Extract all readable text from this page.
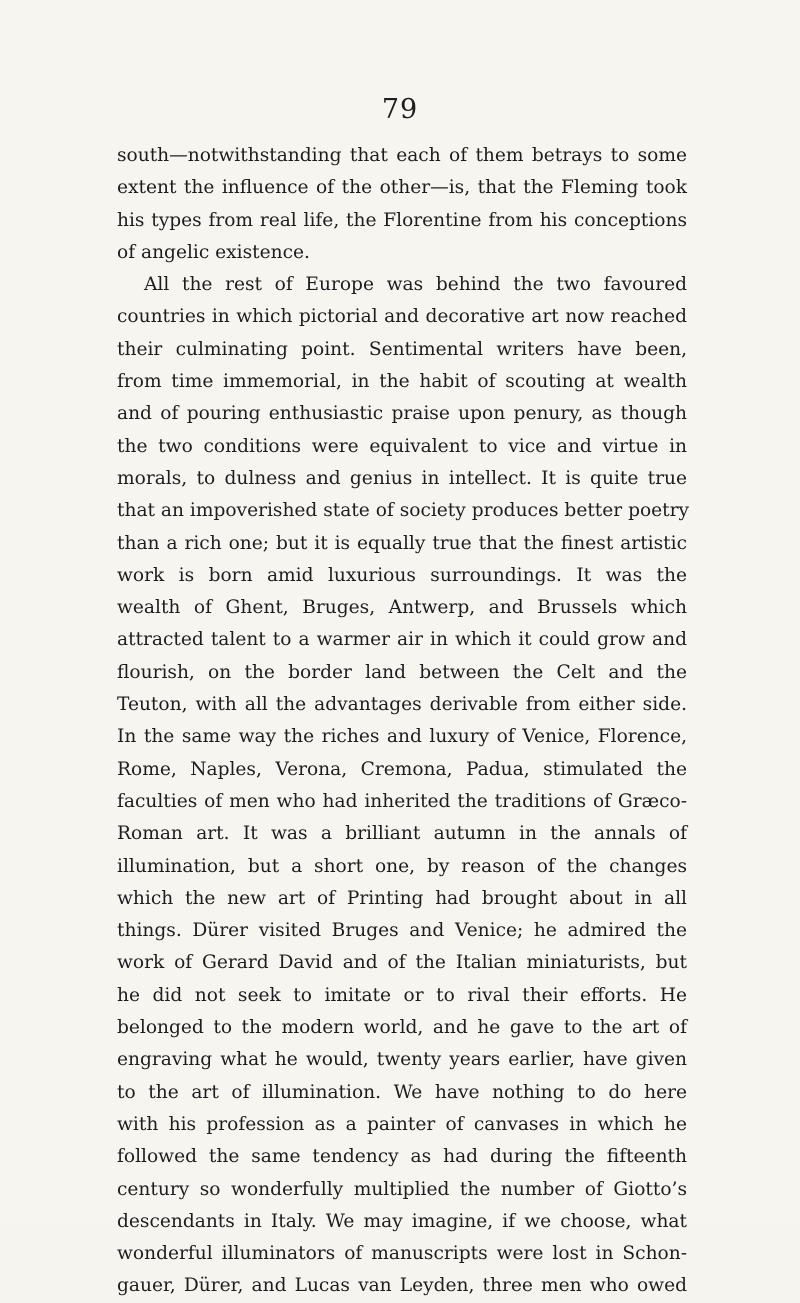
79
south—notwithstanding that each of them betrays to some
extent the influence of the other—is, that the Fleming took
his types from real life, the Florentine from his conceptions
of angelic existence.
All the rest of Europe was behind the two favoured
countries in which pictorial and decorative art now reached
their culminating point. Sentimental writers have been,
from time immemorial, in the habit of scouting at wealth
and of pouring enthusiastic praise upon penury, as though
the two conditions were equivalent to vice and virtue in
morals, to dulness and genius in intellect. It is quite true
that an impoverished state of society produces better poetry
than a rich one; but it is equally true that the finest artistic
work is born amid luxurious surroundings. It was the
wealth of Ghent, Bruges, Antwerp, and Brussels which
attracted talent to a warmer air in which it could grow and
flourish, on the border land between the Celt and the
Teuton, with all the advantages derivable from either side.
In the same way the riches and luxury of Venice, Florence,
Rome, Naples, Verona, Cremona, Padua, stimulated the
faculties of men who had inherited the traditions of Græco-
Roman art. It was a brilliant autumn in the annals of
illumination, but a short one, by reason of the changes
which the new art of Printing had brought about in all
things. Dürer visited Bruges and Venice; he admired the
work of Gerard David and of the Italian miniaturists, but
he did not seek to imitate or to rival their efforts. He
belonged to the modern world, and he gave to the art of
engraving what he would, twenty years earlier, have given
to the art of illumination. We have nothing to do here
with his profession as a painter of canvases in which he
followed the same tendency as had during the fifteenth
century so wonderfully multiplied the number of Giotto’s
descendants in Italy. We may imagine, if we choose, what
wonderful illuminators of manuscripts were lost in Schon-
gauer, Dürer, and Lucas van Leyden, three men who owed
